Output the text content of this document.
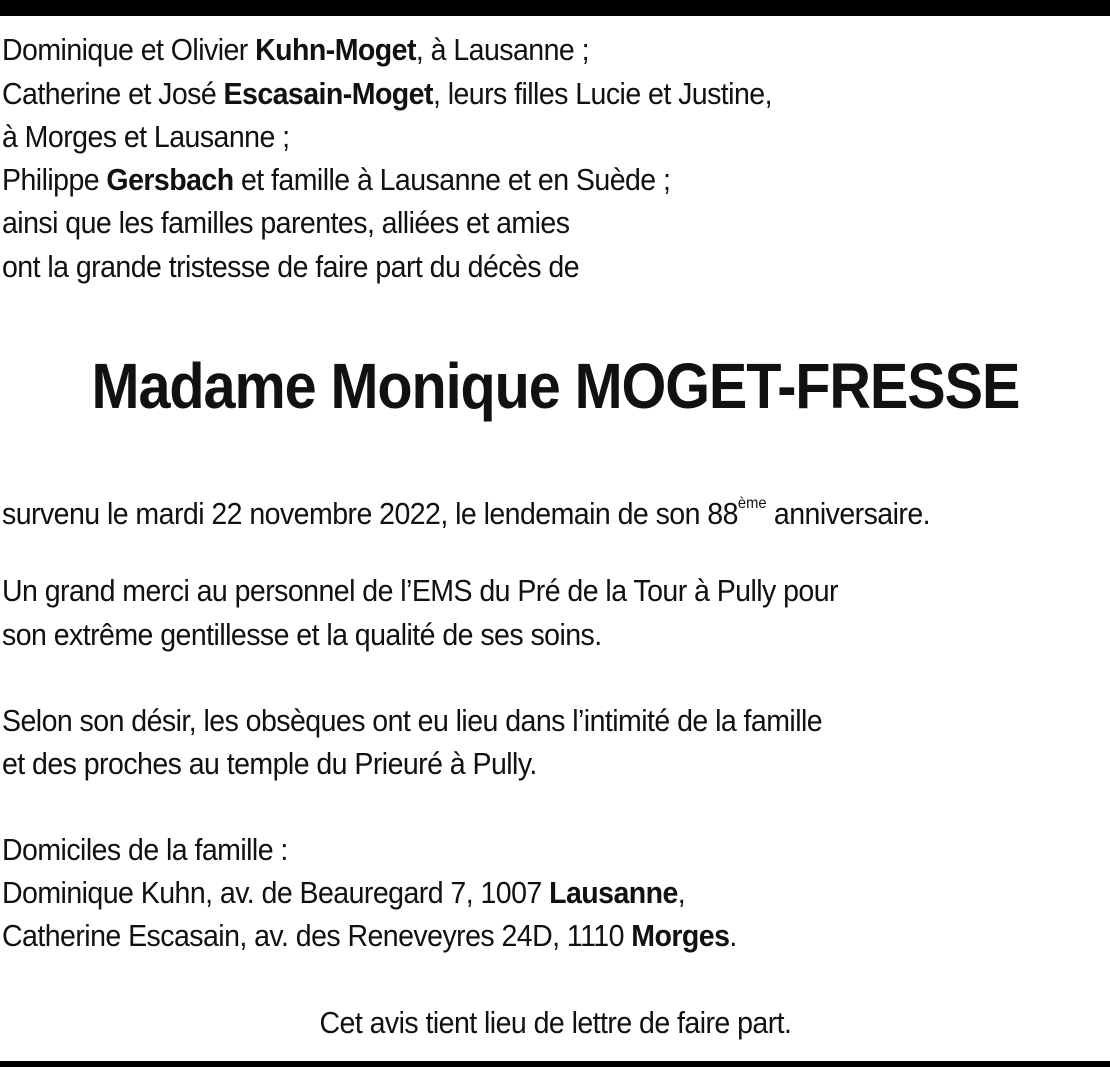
Dominique et Olivier Kuhn-Moget, à Lausanne ;
Catherine et José Escasain-Moget, leurs filles Lucie et Justine,
à Morges et Lausanne ;
Philippe Gersbach et famille à Lausanne et en Suède ;
ainsi que les familles parentes, alliées et amies
ont la grande tristesse de faire part du décès de
Madame Monique MOGET-FRESSE
survenu le mardi 22 novembre 2022, le lendemain de son 88ème anniversaire.
Un grand merci au personnel de l’EMS du Pré de la Tour à Pully pour
son extrême gentillesse et la qualité de ses soins.
Selon son désir, les obsèques ont eu lieu dans l’intimité de la famille
et des proches au temple du Prieuré à Pully.
Domiciles de la famille :
Dominique Kuhn, av. de Beauregard 7, 1007 Lausanne,
Catherine Escasain, av. des Reneveyres 24D, 1110 Morges.
Cet avis tient lieu de lettre de faire part.
